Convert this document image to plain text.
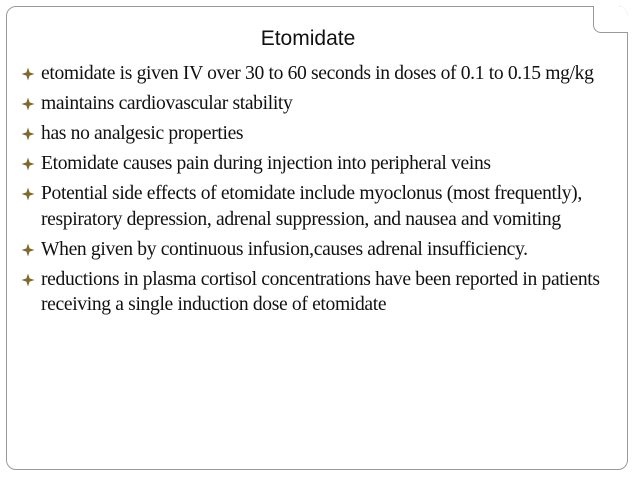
Etomidate
etomidate is given IV over 30 to 60 seconds in doses of 0.1 to 0.15 mg/kg
maintains cardiovascular stability
has no analgesic properties
Etomidate causes pain during injection into peripheral veins
Potential side effects of etomidate include myoclonus (most frequently), respiratory depression, adrenal suppression, and nausea and vomiting
When given by continuous infusion,causes adrenal insufficiency.
reductions in plasma cortisol concentrations have been reported in patients receiving a single induction dose of etomidate
